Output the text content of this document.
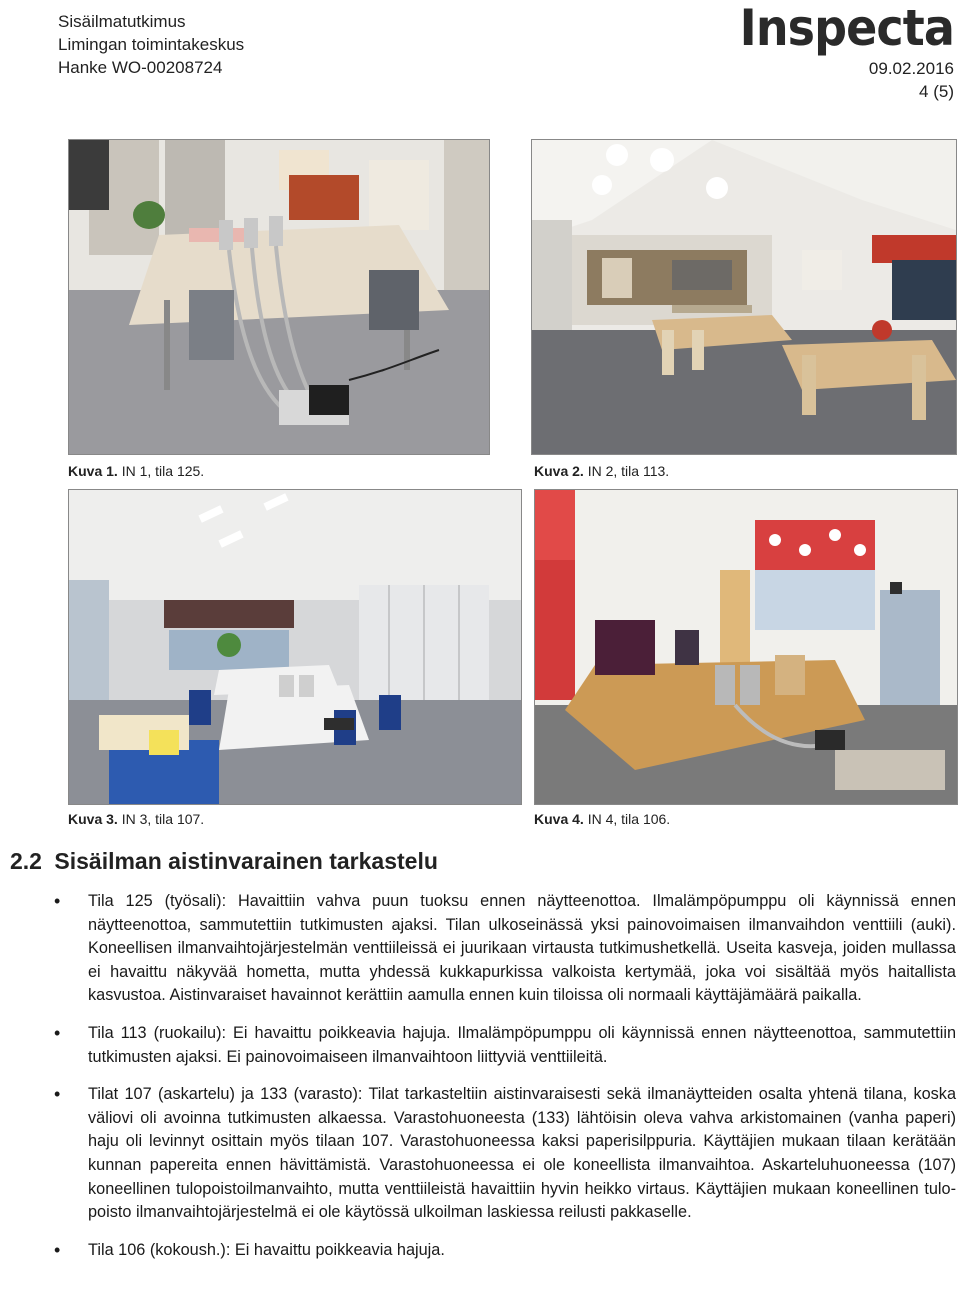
Sisäilmatutkimus
Limingan toimintakeskus
Hanke WO-00208724
Inspecta
09.02.2016
4 (5)
Kuva 1. IN 1, tila 125.	Kuva 2. IN 2, tila 113.
Kuva 3. IN 3, tila 107.	Kuva 4. IN 4, tila 106.
2.2 Sisäilman aistinvarainen tarkastelu
• Tila 125 (työsali): Havaittiin vahva puun tuoksu ennen näytteenottoa. Ilmalämpöpumppu oli käynnissä ennen näytteenottoa, sammutettiin tutkimusten ajaksi. Tilan ulkoseinässä yksi painovoimaisen ilmanvaihdon venttiili (auki). Koneellisen ilmanvaihtojärjestelmän venttiileissä ei juurikaan virtausta tutkimushetkellä. Useita kasveja, joiden mullassa ei havaittu näkyvää hometta, mutta yhdessä kukkapurkissa valkoista kertymää, joka voi sisältää myös haitallista kasvustoa. Aistinvaraiset havainnot kerättiin aamulla ennen kuin tiloissa oli normaali käyttäjämäärä paikalla.
• Tila 113 (ruokailu): Ei havaittu poikkeavia hajuja. Ilmalämpöpumppu oli käynnissä ennen näytteenottoa, sammutettiin tutkimusten ajaksi. Ei painovoimaiseen ilmanvaihtoon liittyviä venttiileitä.
• Tilat 107 (askartelu) ja 133 (varasto): Tilat tarkasteltiin aistinvaraisesti sekä ilmanäytteiden osalta yhtenä tilana, koska väliovi oli avoinna tutkimusten alkaessa. Varastohuoneesta (133) lähtöisin oleva vahva arkistomainen (vanha paperi) haju oli levinnyt osittain myös tilaan 107. Varastohuoneessa kaksi paperisilppuria. Käyttäjien mukaan tilaan kerätään kunnan papereita ennen hävittämistä. Varastohuoneessa ei ole koneellista ilmanvaihtoa. Askarteluhuoneessa (107) koneellinen tulopoistoilmanvaihto, mutta venttiileistä havaittiin hyvin heikko virtaus. Käyttäjien mukaan koneellinen tulo-poisto ilmanvaihtojärjestelmä ei ole käytössä ulkoilman laskiessa reilusti pakkaselle.
• Tila 106 (kokoush.): Ei havaittu poikkeavia hajuja.
